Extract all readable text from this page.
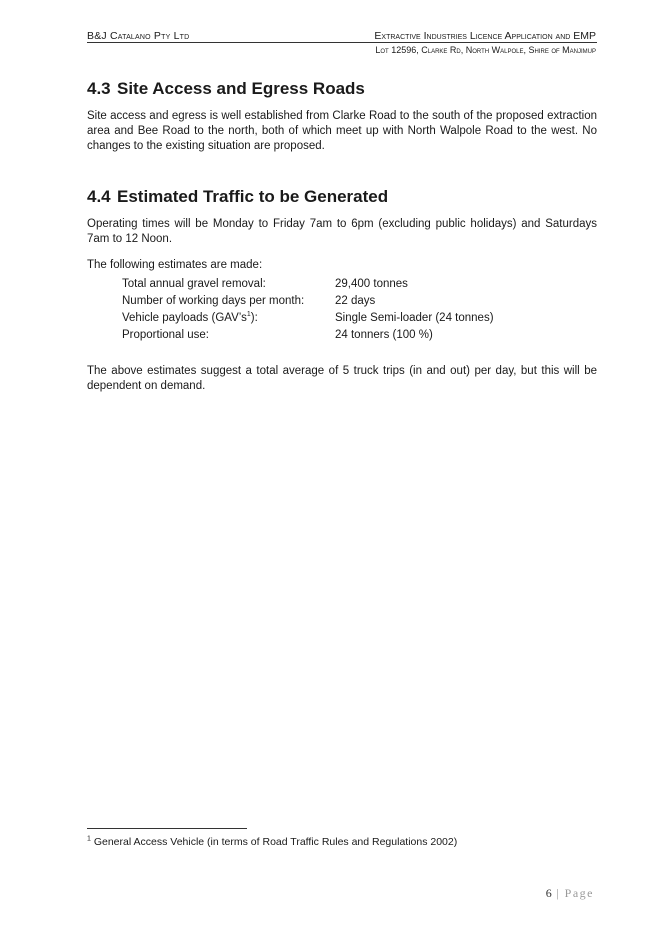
B&J Catalano Pty Ltd	Extractive Industries Licence Application and EMP
Lot 12596, Clarke Rd, North Walpole, Shire of Manjimup
4.3 Site Access and Egress Roads

Site access and egress is well established from Clarke Road to the south of the proposed extraction area and Bee Road to the north, both of which meet up with North Walpole Road to the west. No changes to the existing situation are proposed.

4.4 Estimated Traffic to be Generated

Operating times will be Monday to Friday 7am to 6pm (excluding public holidays) and Saturdays 7am to 12 Noon.

The following estimates are made:

Total annual gravel removal:	29,400 tonnes
Number of working days per month:	22 days
Vehicle payloads $(GAV’s^1)$:	Single Semi-loader (24 tonnes)
Proportional use:	24 tonners (100 %)

The above estimates suggest a total average of 5 truck trips (in and out) per day, but this will be dependent on demand.

$^1$ General Access Vehicle (in terms of Road Traffic Rules and Regulations 2002)
6 | Page
